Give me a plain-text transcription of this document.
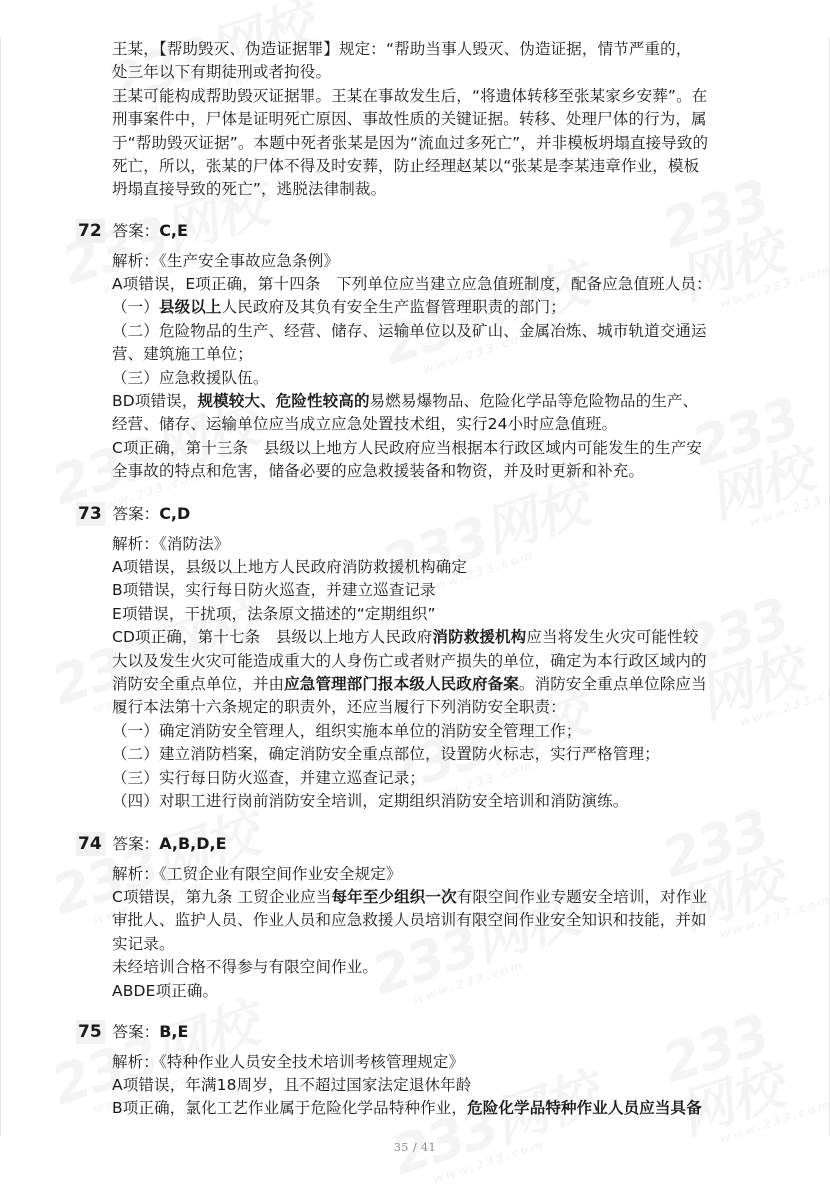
王某，【帮助毁灭、伪造证据罪】规定：“帮助当事人毁灭、伪造证据，情节严重的，
处三年以下有期徒刑或者拘役。
王某可能构成帮助毁灭证据罪。王某在事故发生后，“将遗体转移至张某家乡安葬”。在
刑事案件中，尸体是证明死亡原因、事故性质的关键证据。转移、处理尸体的行为，属
于“帮助毁灭证据”。本题中死者张某是因为“流血过多死亡”，并非模板坍塌直接导致的
死亡，所以，张某的尸体不得及时安葬，防止经理赵某以“张某是李某违章作业，模板
坍塌直接导致的死亡”，逃脱法律制裁。
72 答案：C,E
解析：《生产安全事故应急条例》
A项错误，E项正确，第十四条　下列单位应当建立应急值班制度，配备应急值班人员：
（一）县级以上人民政府及其负有安全生产监督管理职责的部门；
（二）危险物品的生产、经营、储存、运输单位以及矿山、金属冶炼、城市轨道交通运
营、建筑施工单位；
（三）应急救援队伍。
BD项错误，规模较大、危险性较高的易燃易爆物品、危险化学品等危险物品的生产、
经营、储存、运输单位应当成立应急处置技术组，实行24小时应急值班。
C项正确，第十三条　县级以上地方人民政府应当根据本行政区域内可能发生的生产安
全事故的特点和危害，储备必要的应急救援装备和物资，并及时更新和补充。
73 答案：C,D
解析：《消防法》
A项错误，县级以上地方人民政府消防救援机构确定
B项错误，实行每日防火巡查，并建立巡查记录
E项错误，干扰项，法条原文描述的“定期组织”
CD项正确，第十七条　县级以上地方人民政府消防救援机构应当将发生火灾可能性较
大以及发生火灾可能造成重大的人身伤亡或者财产损失的单位，确定为本行政区域内的
消防安全重点单位，并由应急管理部门报本级人民政府备案。消防安全重点单位除应当
履行本法第十六条规定的职责外，还应当履行下列消防安全职责：
（一）确定消防安全管理人，组织实施本单位的消防安全管理工作；
（二）建立消防档案，确定消防安全重点部位，设置防火标志，实行严格管理；
（三）实行每日防火巡查，并建立巡查记录；
（四）对职工进行岗前消防安全培训，定期组织消防安全培训和消防演练。
74 答案：A,B,D,E
解析：《工贸企业有限空间作业安全规定》
C项错误，第九条 工贸企业应当每年至少组织一次有限空间作业专题安全培训，对作业
审批人、监护人员、作业人员和应急救援人员培训有限空间作业安全知识和技能，并如
实记录。
未经培训合格不得参与有限空间作业。
ABDE项正确。
75 答案：B,E
解析：《特种作业人员安全技术培训考核管理规定》
A项错误，年满18周岁，且不超过国家法定退休年龄
B项正确，氯化工艺作业属于危险化学品特种作业，危险化学品特种作业人员应当具备
35 / 41
